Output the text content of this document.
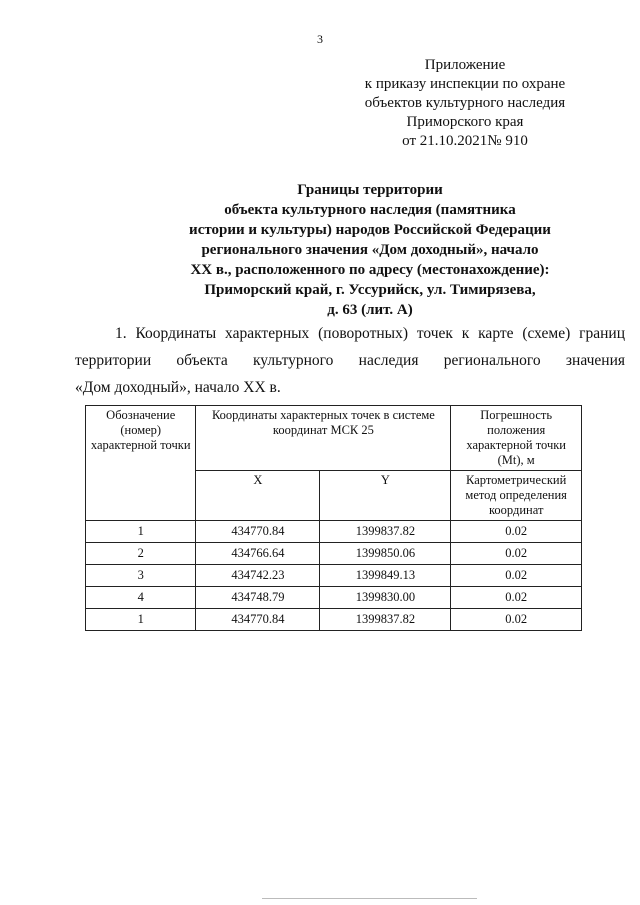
3
Приложение
к приказу инспекции по охране
объектов культурного наследия
Приморского края
от 21.10.2021№ 910
Границы территории
объекта культурного наследия (памятника
истории и культуры) народов Российской Федерации
регионального значения «Дом доходный», начало
XX в., расположенного по адресу (местонахождение):
Приморский край, г. Уссурийск, ул. Тимирязева,
д. 63 (лит. А)
1. Координаты характерных (поворотных) точек к карте (схеме) границ
территории объекта культурного наследия регионального значения
«Дом доходный», начало XX в.
Обозначение (номер) характерной точки	Координаты характерных точек в системе координат МСК 25		Погрешность положения характерной точки (Mt), м
	X	Y	Картометрический метод определения координат
1	434770.84	1399837.82	0.02
2	434766.64	1399850.06	0.02
3	434742.23	1399849.13	0.02
4	434748.79	1399830.00	0.02
1	434770.84	1399837.82	0.02
